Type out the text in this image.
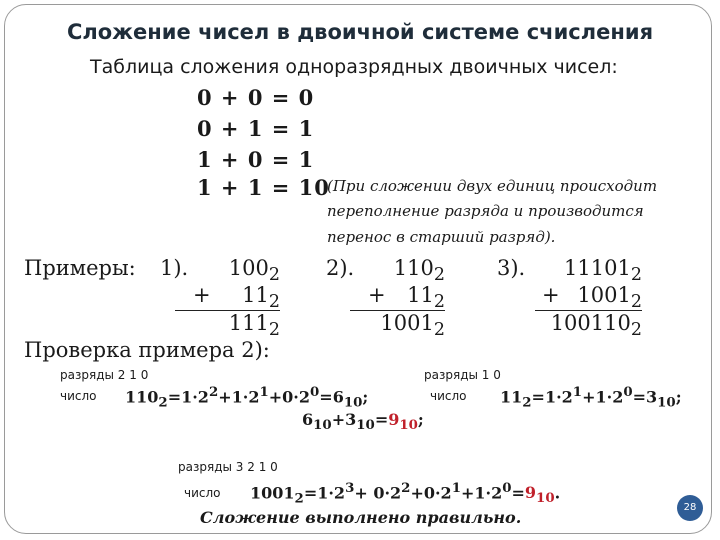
Сложение чисел в двоичной системе счисления
Таблица сложения одноразрядных двоичных чисел:
0 + 0 = 0
0 + 1 = 1
1 + 0 = 1
1 + 1 = 10
(При сложении двух единиц происходит
переполнение разряда и производится
перенос в старший разряд).
Примеры: 1).	$100_2$
+	$11_2$
$111_2$
2).	$110_2$
+	$11_2$
$1001_2$
3).	$11101_2$
+ $1001_2$
$100110_2$
Проверка примера 2):
разряды 2 1 0
число $110_2=1\cdot 2^2+1\cdot 2^1+0\cdot 2^0=6_{10}$;
разряды 1 0
число $11_2=1\cdot 2^1+1\cdot 2^0=3_{10}$;
$6_{10}+3_{10}=9_{10}$;
разряды 3 2 1 0
число $1001_2=1\cdot 2^3+ 0\cdot 2^2+0\cdot 2^1+1\cdot 2^0=9_{10}$.
Сложение выполнено правильно.
28
